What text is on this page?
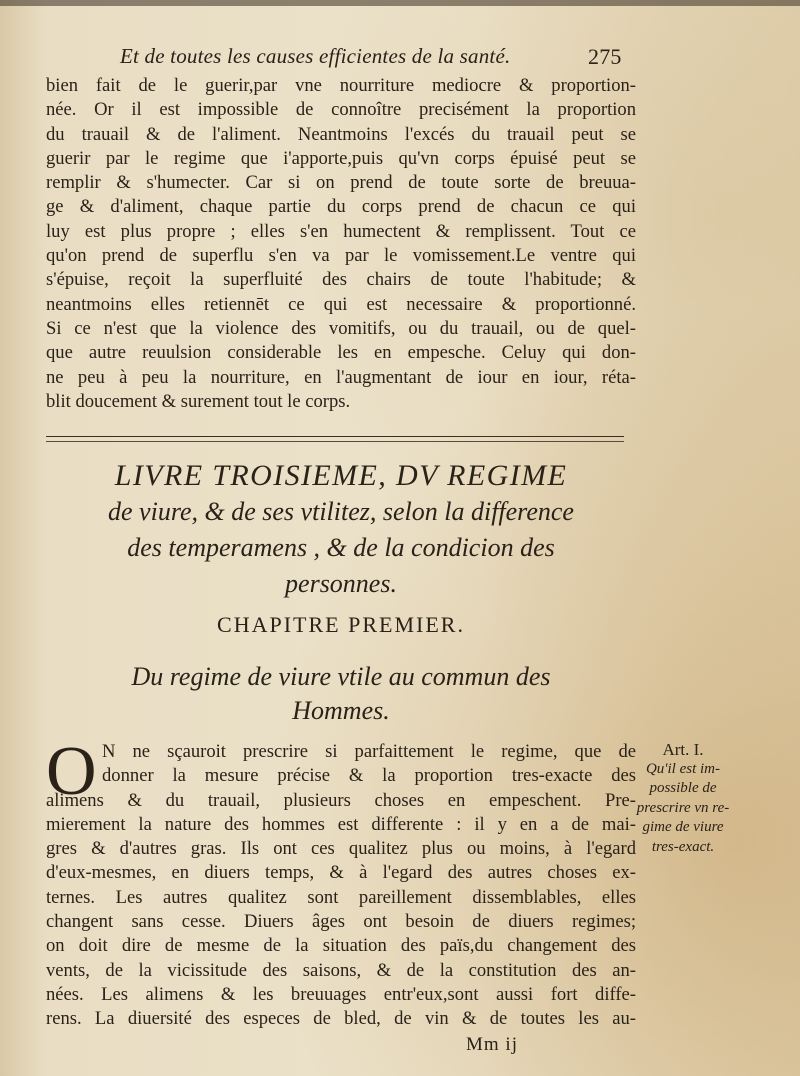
Et de toutes les causes efficientes de la santé.	275
bien fait de le guerir,par vne nourriture mediocre & proportion-
née. Or il est impossible de connoître precisément la proportion
du trauail & de l'aliment. Neantmoins l'excés du trauail peut se
guerir par le regime que i'apporte,puis qu'vn corps épuisé peut se
remplir & s'humecter. Car si on prend de toute sorte de breuua-
ge & d'aliment, chaque partie du corps prend de chacun ce qui
luy est plus propre ; elles s'en humectent & remplissent. Tout ce
qu'on prend de superflu s'en va par le vomissement.Le ventre qui
s'épuise, reçoit la superfluité des chairs de toute l'habitude; &
neantmoins elles retiennēt ce qui est necessaire & proportionné.
Si ce n'est que la violence des vomitifs, ou du trauail, ou de quel-
que autre reuulsion considerable les en empesche. Celuy qui don-
ne peu à peu la nourriture, en l'augmentant de iour en iour, réta-
blit doucement & surement tout le corps.
LIVRE TROISIEME, DV REGIME
de viure, & de ses vtilitez, selon la difference
des temperamens , & de la condicion des
personnes.
CHAPITRE PREMIER.
Du regime de viure vtile au commun des
Hommes.
O N ne sçauroit prescrire si parfaittement le regime, que de
donner la mesure précise & la proportion tres-exacte des
alimens & du trauail, plusieurs choses en empeschent. Pre-
mierement la nature des hommes est differente : il y en a de mai-
gres & d'autres gras. Ils ont ces qualitez plus ou moins, à l'egard
d'eux-mesmes, en diuers temps, & à l'egard des autres choses ex-
ternes. Les autres qualitez sont pareillement dissemblables, elles
changent sans cesse. Diuers âges ont besoin de diuers regimes;
on doit dire de mesme de la situation des païs,du changement des
vents, de la vicissitude des saisons, & de la constitution des an-
nées. Les alimens & les breuuages entr'eux,sont aussi fort diffe-
rens. La diuersité des especes de bled, de vin & de toutes les au-
Art. I.
Qu'il est im-
possible de
prescrire vn re-
gime de viure
tres-exact.
Mm ij
